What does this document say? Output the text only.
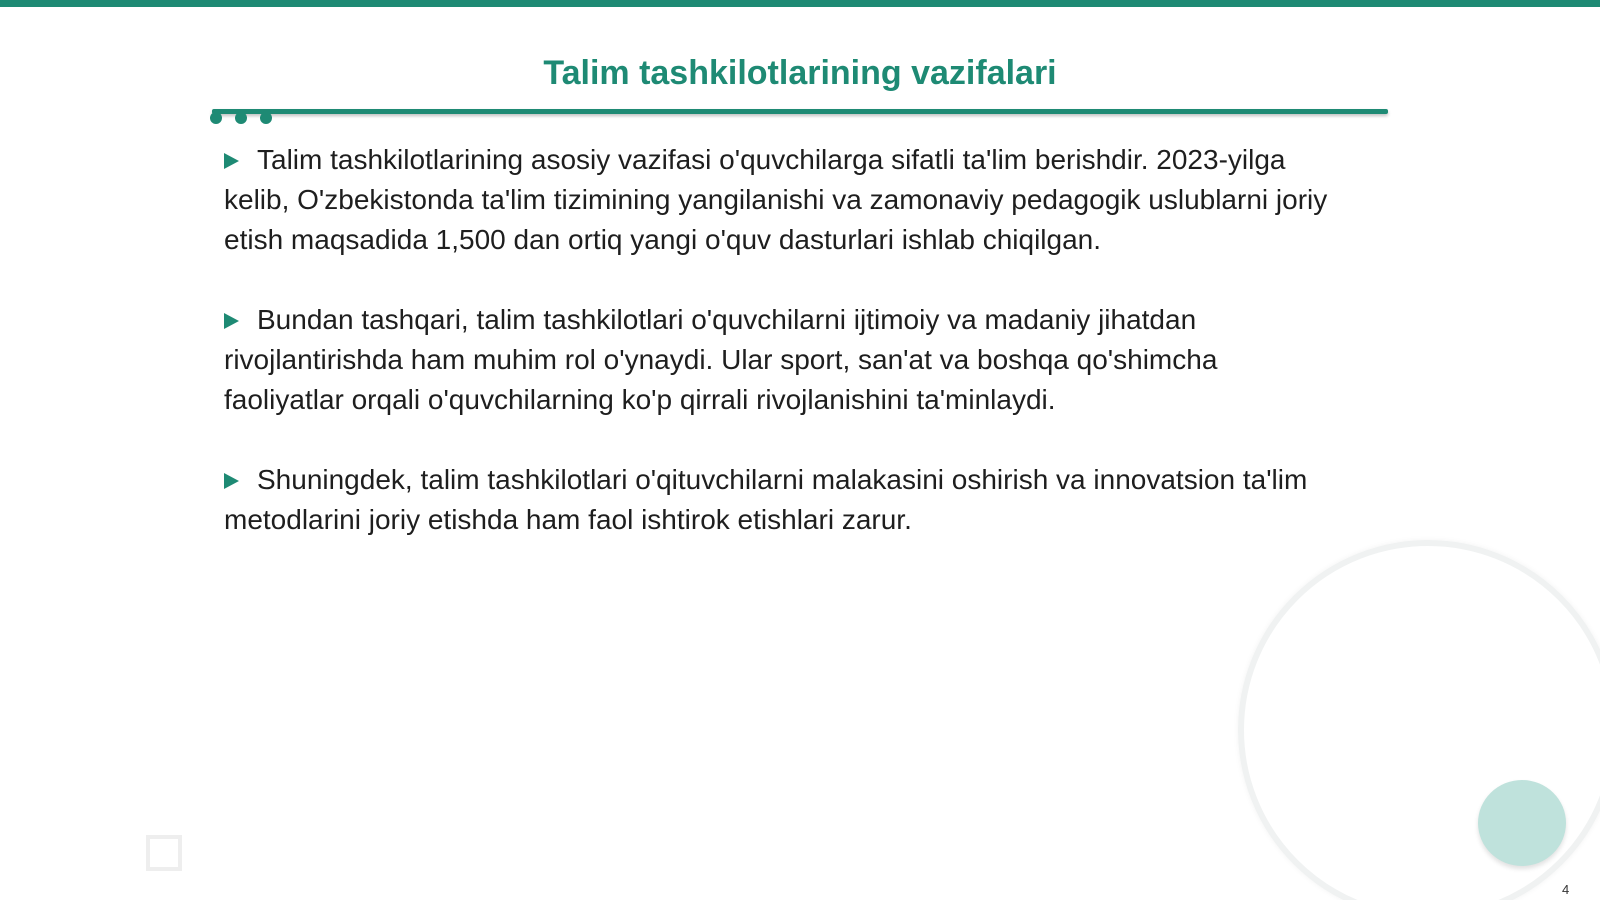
Talim tashkilotlarining vazifalari

Talim tashkilotlarining asosiy vazifasi o'quvchilarga sifatli ta'lim berishdir. 2023-yilga kelib, O'zbekistonda ta'lim tizimining yangilanishi va zamonaviy pedagogik uslublarni joriy etish maqsadida 1,500 dan ortiq yangi o'quv dasturlari ishlab chiqilgan.

Bundan tashqari, talim tashkilotlari o'quvchilarni ijtimoiy va madaniy jihatdan rivojlantirishda ham muhim rol o'ynaydi. Ular sport, san'at va boshqa qo'shimcha faoliyatlar orqali o'quvchilarning ko'p qirrali rivojlanishini ta'minlaydi.

Shuningdek, talim tashkilotlari o'qituvchilarni malakasini oshirish va innovatsion ta'lim metodlarini joriy etishda ham faol ishtirok etishlari zarur.

4
